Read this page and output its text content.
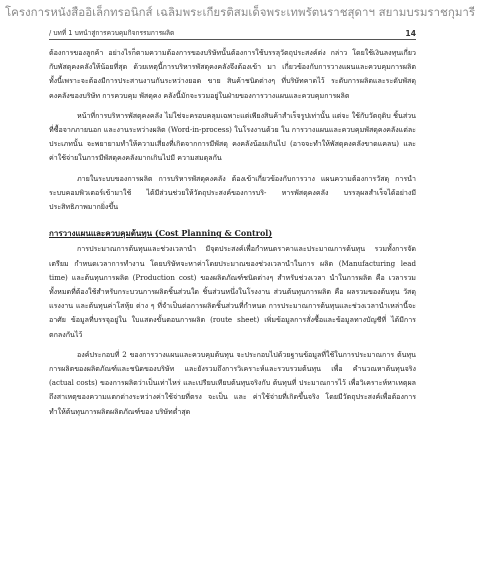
โครงการหนังสืออิเล็กทรอนิกส์ เฉลิมพระเกียรติสมเด็จพระเทพรัตนราชสุดาฯ สยามบรมราชกุมารี
/ บทที่ 1 บทนำสู่การควบคุมกิจกรรมการผลิต	14

ต้องการของลูกค้า อย่างไรก็ตามความต้องการของบริษัทนั้นต้องการใช้บรรลุวัตถุประสงค์ต่ง กล่าว โดยใช้เงินลงทุนเกี่ยวกับพัสดุคงคลังให้น้อยที่สุด ด้วยเหตุนี้การบริหารพัสดุคงคลังจึงต้องเข้า มา เกี่ยวข้องกับการวางแผนและควบคุมการผลิต ทั้งนี้เพราะจะต้องมีการประสานงานกันระหว่างยอด ขาย สินค้าชนิดต่างๆ ที่บริษัทคาดไว้ ระดับการผลิตและระดับพัสดุคงคลังของบริษัท การควบคุม พัสดุคง คลังนี้มักจะรวมอยู่ในฝ่ายของการวางแผนและควบคุมการผลิต

หน้าที่การบริหารพัสดุคงคลัง ไม่ใช่จะครอบคลุมเฉพาะแต่เพียงสินค้าสำเร็จรูปเท่านั้น แต่จะ ใช้กับวัตถุดิบ ชิ้นส่วนที่ซื้อจากภายนอก และงานระหว่างผลิต (Word-in-process) ในโรงงานด้วย ใน การวางแผนและควบคุมพัสดุคงคลังแต่ละประเภทนั้น จะพยายามทำให้ความเสี่ยงที่เกิดจากการมีพัสดุ คงคลังน้อยเกินไป (อาจจะทำให้พัสดุคงคลังขาดแคลน) และค่าใช้จ่ายในการมีพัสดุคงคลังมากเกินไปมี ความสมดุลกัน

ภายในระบบของการผลิต การบริหารพัสดุคงคลัง ต้องเข้าเกี่ยวข้องกับการวาง แผนความต้องการวัสดุ การนำระบบคอมพิวเตอร์เข้ามาใช้ ได้มีส่วนช่วยให้วัตถุประสงค์ของการบริ- หารพัสดุคงคลัง บรรลุผลสำเร็จได้อย่างมีประสิทธิภาพมากยิ่งขึ้น

การวางแผนและควบคุมต้นทุน (Cost Planning & Control)

การประมาณการต้นทุนและช่วงเวลานำ มีจุดประสงค์เพื่อกำหนดราคาและประมาณการต้นทุน รวมทั้งการจัดเตรียม กำหนดเวลาการทำงาน โดยบริษัทจะหาค่าโดยประมาณของช่วงเวลานำในการ ผลิต (Manufacturing lead time) และต้นทุนการผลิต (Production cost) ของผลิตภัณฑ์ชนิดต่างๆ สำหรับช่วงเวลา นำในการผลิต คือ เวลารวมทั้งหมดที่ต้องใช้สำหรับกระบวนการผลิตชิ้นส่วนใด ชิ้นส่วนหนึ่งในโรงงาน ส่วนต้นทุนการผลิต คือ ผลรวมของต้นทุน วัสดุ แรงงาน และต้นทุนค่าโสหุ้ย ต่าง ๆ ที่จำเป็นต่อการผลิตชิ้นส่วนที่กำหนด การประมาณการต้นทุนและช่วงเวลานำเหล่านี้จะอาศัย ข้อมูลที่บรรจุอยู่ใน ใบแสดงขั้นตอนการผลิต (route sheet) เพิ่มข้อมูลการสั่งซื้อและข้อมูลทางบัญชีที่ ได้มีการตกลงกันไว้

องค์ประกอบที่ 2 ของการวางแผนและควบคุมต้นทุน จะประกอบไปด้วยฐานข้อมูลที่ใช้ในการประมาณการ ต้นทุนการผลิตของผลิตภัณฑ์และชนิดของบริษัท และยังรวมถึงการวิเคราะห์และรวบรวมต้นทุน เพื่อ คำนวณหาต้นทุนจริง (actual costs) ของการผลิตว่าเป็นเท่าไหร่ และเปรียบเทียบต้นทุนจริงกับ ต้นทุนที่ ประมาณการไว้ เพื่อวิเคราะห์หาเหตุผลถึงสาเหตุของความแตกต่างระหว่างค่าใช้จ่ายที่ตรง จะเป็น และ ค่าใช้จ่ายที่เกิดขึ้นจริง โดยมีวัตถุประสงค์เพื่อต้องการทำให้ต้นทุนการผลิตผลิตภัณฑ์ของ บริษัทต่ำสุด
